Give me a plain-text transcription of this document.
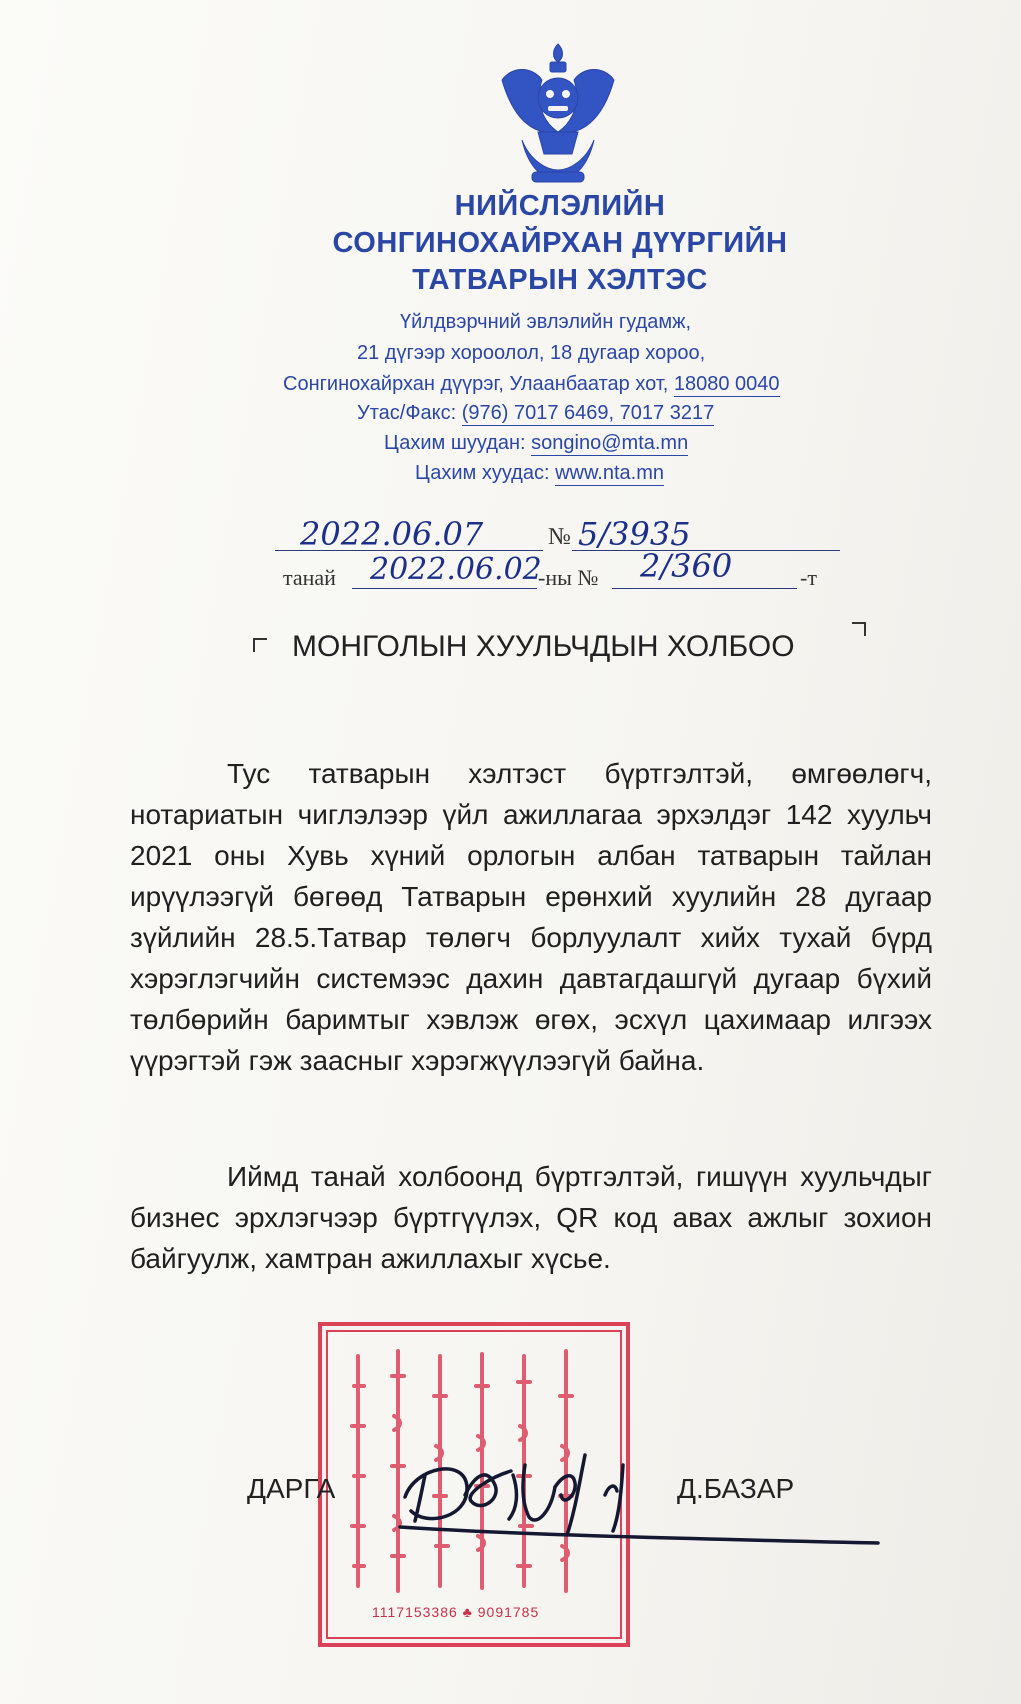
НИЙСЛЭЛИЙН
СОНГИНОХАЙРХАН ДҮҮРГИЙН
ТАТВАРЫН ХЭЛТЭС
Үйлдвэрчний эвлэлийн гудамж,
21 дүгээр хороолол, 18 дугаар хороо,
Сонгинохайрхан дүүрэг, Улаанбаатар хот, 18080 0040
Утас/Факс: (976) 7017 6469, 7017 3217
Цахим шуудан: songino@mta.mn
Цахим хуудас: www.nta.mn
2022.06.07	№ 5/3935
танай 2022.06.02
-ны № 2/360	-т
МОНГОЛЫН ХУУЛЬЧДЫН ХОЛБОО
Тус татварын хэлтэст бүртгэлтэй, өмгөөлөгч, нотариатын чиглэлээр үйл ажиллагаа эрхэлдэг 142 хуульч 2021 оны Хувь хүний орлогын албан татварын тайлан ирүүлээгүй бөгөөд Татварын ерөнхий хуулийн 28 дугаар зүйлийн 28.5.Татвар төлөгч борлуулалт хийх тухай бүрд хэрэглэгчийн системээс дахин давтагдашгүй дугаар бүхий төлбөрийн баримтыг хэвлэж өгөх, эсхүл цахимаар илгээх үүрэгтэй гэж заасныг хэрэгжүүлээгүй байна.
Иймд танай холбоонд бүртгэлтэй, гишүүн хуульчдыг бизнес эрхлэгчээр бүртгүүлэх, QR код авах ажлыг зохион байгуулж, хамтран ажиллахыг хүсье.
1117153386 ♣ 9091785
ДАРГА	Д.БАЗАР
